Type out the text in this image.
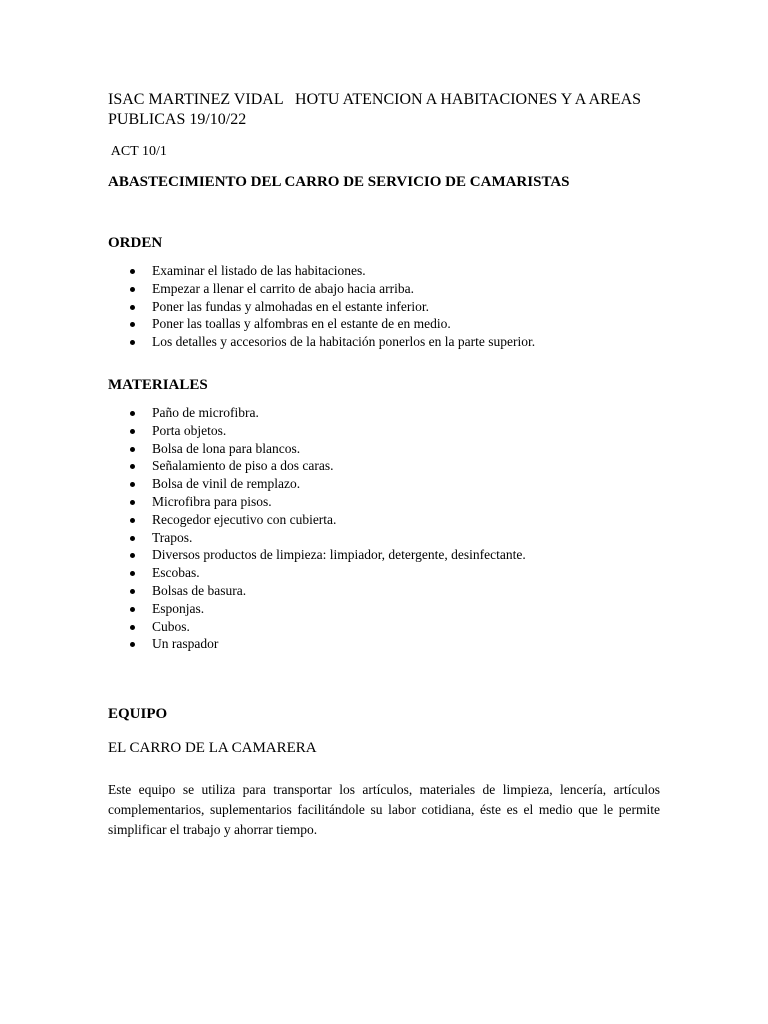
ISAC MARTINEZ VIDAL   HOTU ATENCION A HABITACIONES Y A AREAS
PUBLICAS 19/10/22

ACT 10/1

ABASTECIMIENTO DEL CARRO DE SERVICIO DE CAMARISTAS

ORDEN

Examinar el listado de las habitaciones.
Empezar a llenar el carrito de abajo hacia arriba.
Poner las fundas y almohadas en el estante inferior.
Poner las toallas y alfombras en el estante de en medio.
Los detalles y accesorios de la habitación ponerlos en la parte superior.

MATERIALES

Paño de microfibra.
Porta objetos.
Bolsa de lona para blancos.
Señalamiento de piso a dos caras.
Bolsa de vinil de remplazo.
Microfibra para pisos.
Recogedor ejecutivo con cubierta.
Trapos.
Diversos productos de limpieza: limpiador, detergente, desinfectante.
Escobas.
Bolsas de basura.
Esponjas.
Cubos.
Un raspador

EQUIPO

EL CARRO DE LA CAMARERA

Este equipo se utiliza para transportar los artículos, materiales de limpieza, lencería, artículos complementarios, suplementarios facilitándole su labor cotidiana, éste es el medio que le permite simplificar el trabajo y ahorrar tiempo.
